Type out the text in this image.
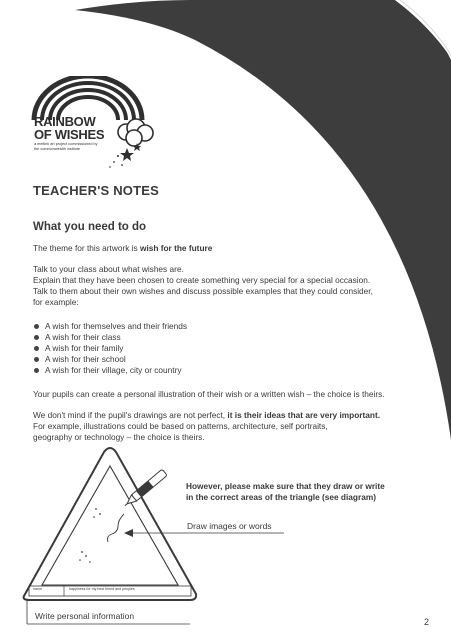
RAINBOW
OF WISHES
a metlink art project commissioned by
the commonwealth institute
TEACHER'S NOTES
What you need to do
The theme for this artwork is wish for the future
Talk to your class about what wishes are.
Explain that they have been chosen to create something very special for a special occasion.
Talk to them about their own wishes and discuss possible examples that they could consider,
for example:
A wish for themselves and their friends
A wish for their class
A wish for their family
A wish for their school
A wish for their village, city or country
Your pupils can create a personal illustration of their wish or a written wish – the choice is theirs.
We don't mind if the pupil's drawings are not perfect, it is their ideas that are very important.
For example, illustrations could be based on patterns, architecture, self portraits,
geography or technology – the choice is theirs.
name	happiness for my best friend and peoples
However, please make sure that they draw or write
in the correct areas of the triangle (see diagram)
Draw images or words
Write personal information
2
